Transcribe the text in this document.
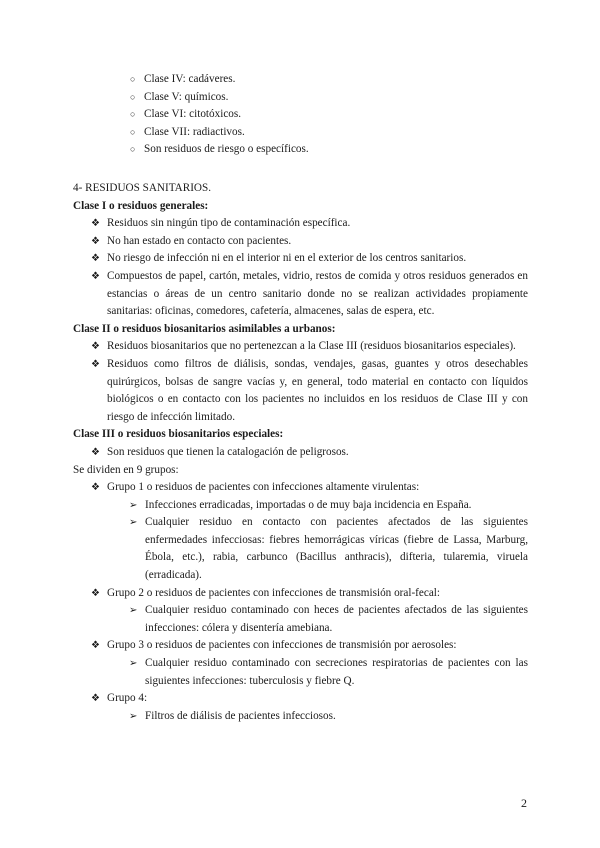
○ Clase IV: cadáveres.
○ Clase V: químicos.
○ Clase VI: citotóxicos.
○ Clase VII: radiactivos.
○ Son residuos de riesgo o específicos.
4- RESIDUOS SANITARIOS.
Clase I o residuos generales:
❖ Residuos sin ningún tipo de contaminación específica.
❖ No han estado en contacto con pacientes.
❖ No riesgo de infección ni en el interior ni en el exterior de los centros sanitarios.
❖ Compuestos de papel, cartón, metales, vidrio, restos de comida y otros residuos generados en estancias o áreas de un centro sanitario donde no se realizan actividades propiamente sanitarias: oficinas, comedores, cafetería, almacenes, salas de espera, etc.
Clase II o residuos biosanitarios asimilables a urbanos:
❖ Residuos biosanitarios que no pertenezcan a la Clase III (residuos biosanitarios especiales).
❖ Residuos como filtros de diálisis, sondas, vendajes, gasas, guantes y otros desechables quirúrgicos, bolsas de sangre vacías y, en general, todo material en contacto con líquidos biológicos o en contacto con los pacientes no incluidos en los residuos de Clase III y con riesgo de infección limitado.
Clase III o residuos biosanitarios especiales:
❖ Son residuos que tienen la catalogación de peligrosos.
Se dividen en 9 grupos:
❖ Grupo 1 o residuos de pacientes con infecciones altamente virulentas:
➢ Infecciones erradicadas, importadas o de muy baja incidencia en España.
➢ Cualquier residuo en contacto con pacientes afectados de las siguientes enfermedades infecciosas: fiebres hemorrágicas víricas (fiebre de Lassa, Marburg, Ébola, etc.), rabia, carbunco (Bacillus anthracis), difteria, tularemia, viruela (erradicada).
❖ Grupo 2 o residuos de pacientes con infecciones de transmisión oral-fecal:
➢ Cualquier residuo contaminado con heces de pacientes afectados de las siguientes infecciones: cólera y disentería amebiana.
❖ Grupo 3 o residuos de pacientes con infecciones de transmisión por aerosoles:
➢ Cualquier residuo contaminado con secreciones respiratorias de pacientes con las siguientes infecciones: tuberculosis y fiebre Q.
❖ Grupo 4:
➢ Filtros de diálisis de pacientes infecciosos.
2
